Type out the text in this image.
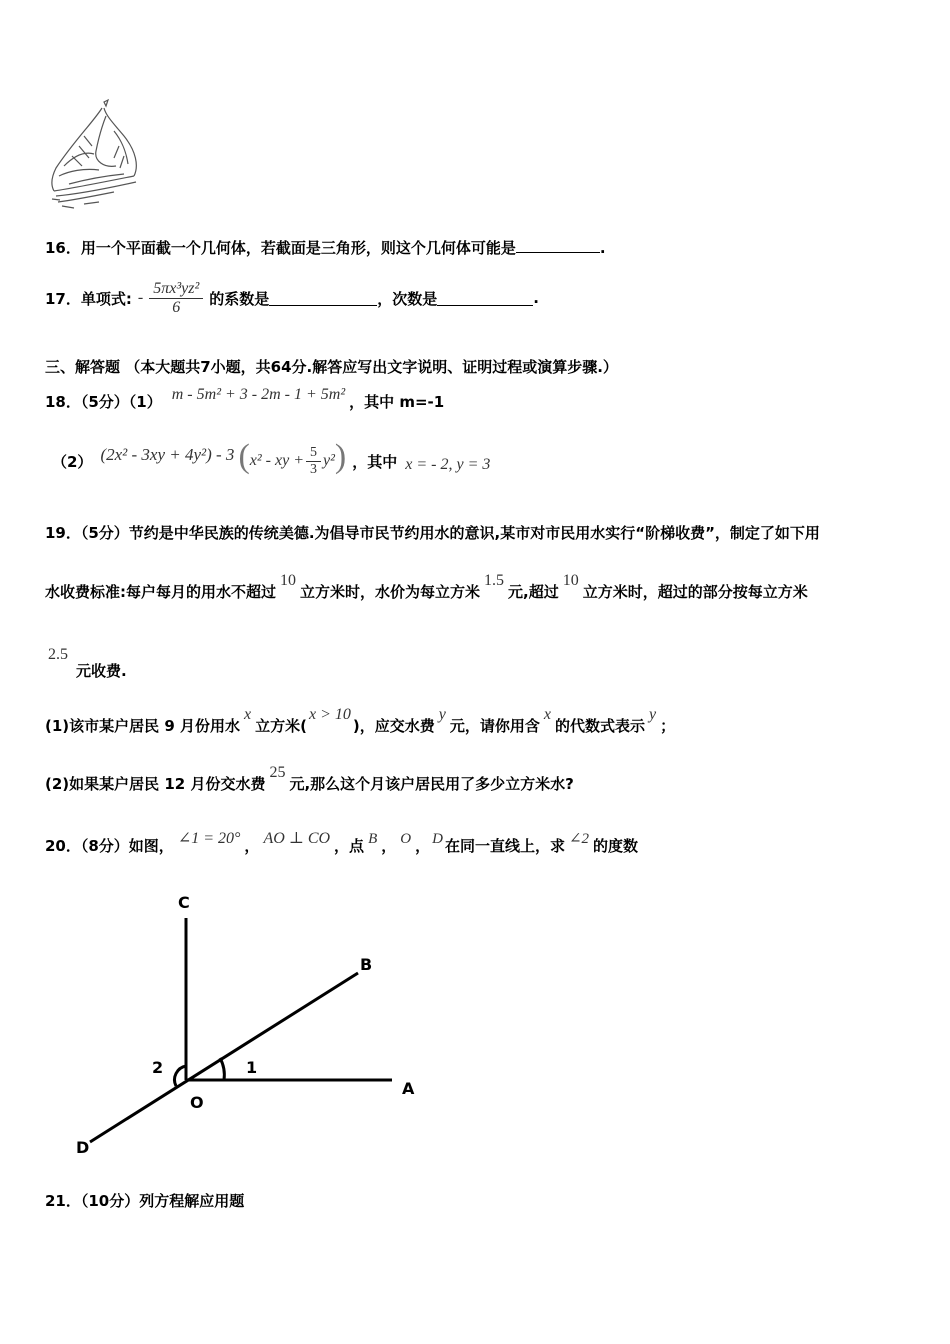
16．用一个平面截一个几何体，若截面是三角形，则这个几何体可能是	.
17．单项式: - $\frac{\text{5πx³yz²}}{6}$ 的系数是	，次数是	.
三、解答题 （本大题共7小题，共64分.解答应写出文字说明、证明过程或演算步骤.）
18．（5分）（1） m - 5m² + 3 - 2m - 1 + 5m² ，其中 m=-1
（2） (2x² - 3xy + 4y²) - 3 ( x² - xy + $\frac{5}{3} y^2$ ) ，其中 x = - 2, y = 3
19．（5分）节约是中华民族的传统美德.为倡导市民节约用水的意识,某市对市民用水实行“阶梯收费”，制定了如下用
水收费标准:每户每月的用水不超过
10
立方米时，水价为每立方米
1.5
元,超过
10
立方米时，超过的部分按每立方米
2.5
元收费.
(1)该市某户居民 9 月份用水
x
立方米(
x > 10
)，应交水费
y
元，请你用含
x
的代数式表示
y
；
(2)如果某户居民 12 月份交水费
25
元,那么这个月该户居民用了多少立方米水?
20．（8分）如图， ∠1 = 20° ， AO ⊥ CO ，点 B ， O ， D 在同一直线上，求 ∠2 的度数
C
B
A
O
D
1
2
21．（10分）列方程解应用题
